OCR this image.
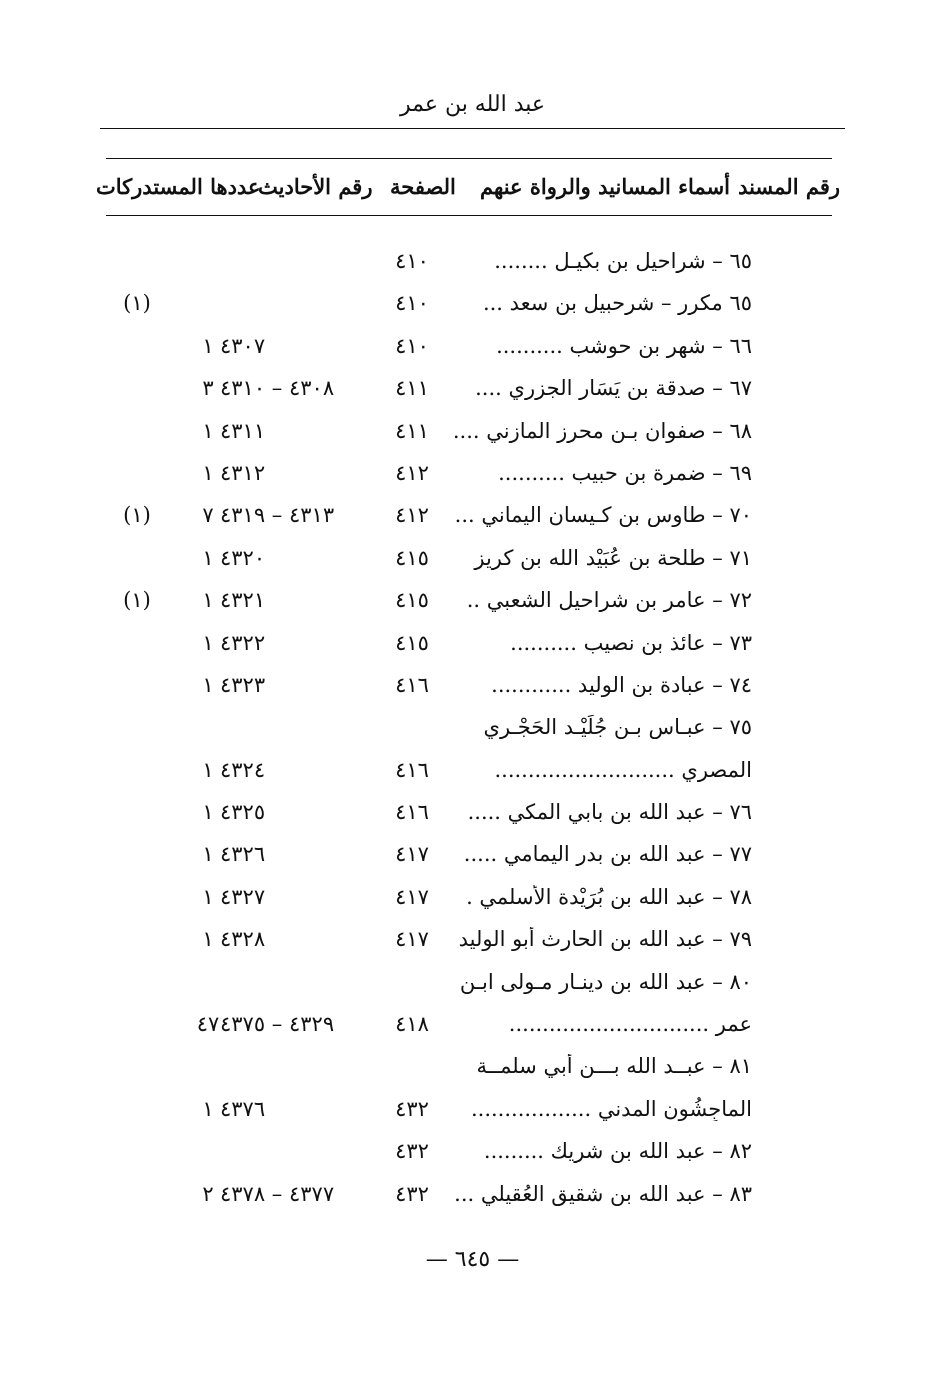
عبد الله بن عمر
رقم المسند
أسماء المسانيد والرواة عنهم
الصفحة
رقم الأحاديث
عددها المستدركات
٦٥ – شراحيل بن بكيـل ........
٤١٠
٦٥ مكرر – شرحبيل بن سعد ...
٤١٠
(١)
٦٦ – شهر بن حوشب ..........
٤١٠
٤٣٠٧
١
٦٧ – صدقة بن يَسَار الجزري ....
٤١١
٤٣٠٨ – ٤٣١٠
٣
٦٨ – صفوان بـن محرز المازني ....
٤١١
٤٣١١
١
٦٩ – ضمرة بن حبيب ..........
٤١٢
٤٣١٢
١
٧٠ – طاوس بن كـيسان اليماني ...
٤١٢
٤٣١٣ – ٤٣١٩
٧
(١)
٧١ – طلحة بن عُبَيْد الله بن كريز
٤١٥
٤٣٢٠
١
٧٢ – عامر بن شراحيل الشعبي ..
٤١٥
٤٣٢١
١
(١)
٧٣ – عائذ بن نصيب ..........
٤١٥
٤٣٢٢
١
٧٤ – عبادة بن الوليد ............
٤١٦
٤٣٢٣
١
٧٥ – عبـاس بـن جُلَيْـد الحَجْـري
المصري ...........................
٤١٦
٤٣٢٤
١
٧٦ – عبد الله بن بابي المكي .....
٤١٦
٤٣٢٥
١
٧٧ – عبد الله بن بدر اليمامي .....
٤١٧
٤٣٢٦
١
٧٨ – عبد الله بن بُرَيْدة الأسلمي .
٤١٧
٤٣٢٧
١
٧٩ – عبد الله بن الحارث أبو الوليد
٤١٧
٤٣٢٨
١
٨٠ – عبد الله بن دينـار مـولى ابـن
عمر ..............................
٤١٨
٤٣٢٩ – ٤٣٧٥
٤٧
٨١ – عبــد الله بـــن أبي سلمــة
الماجِشُون المدني ..................
٤٣٢
٤٣٧٦
١
٨٢ – عبد الله بن شريك .........
٤٣٢
٨٣ – عبد الله بن شقيق العُقيلي ...
٤٣٢
٤٣٧٧ – ٤٣٧٨
٢
— ٦٤٥ —
